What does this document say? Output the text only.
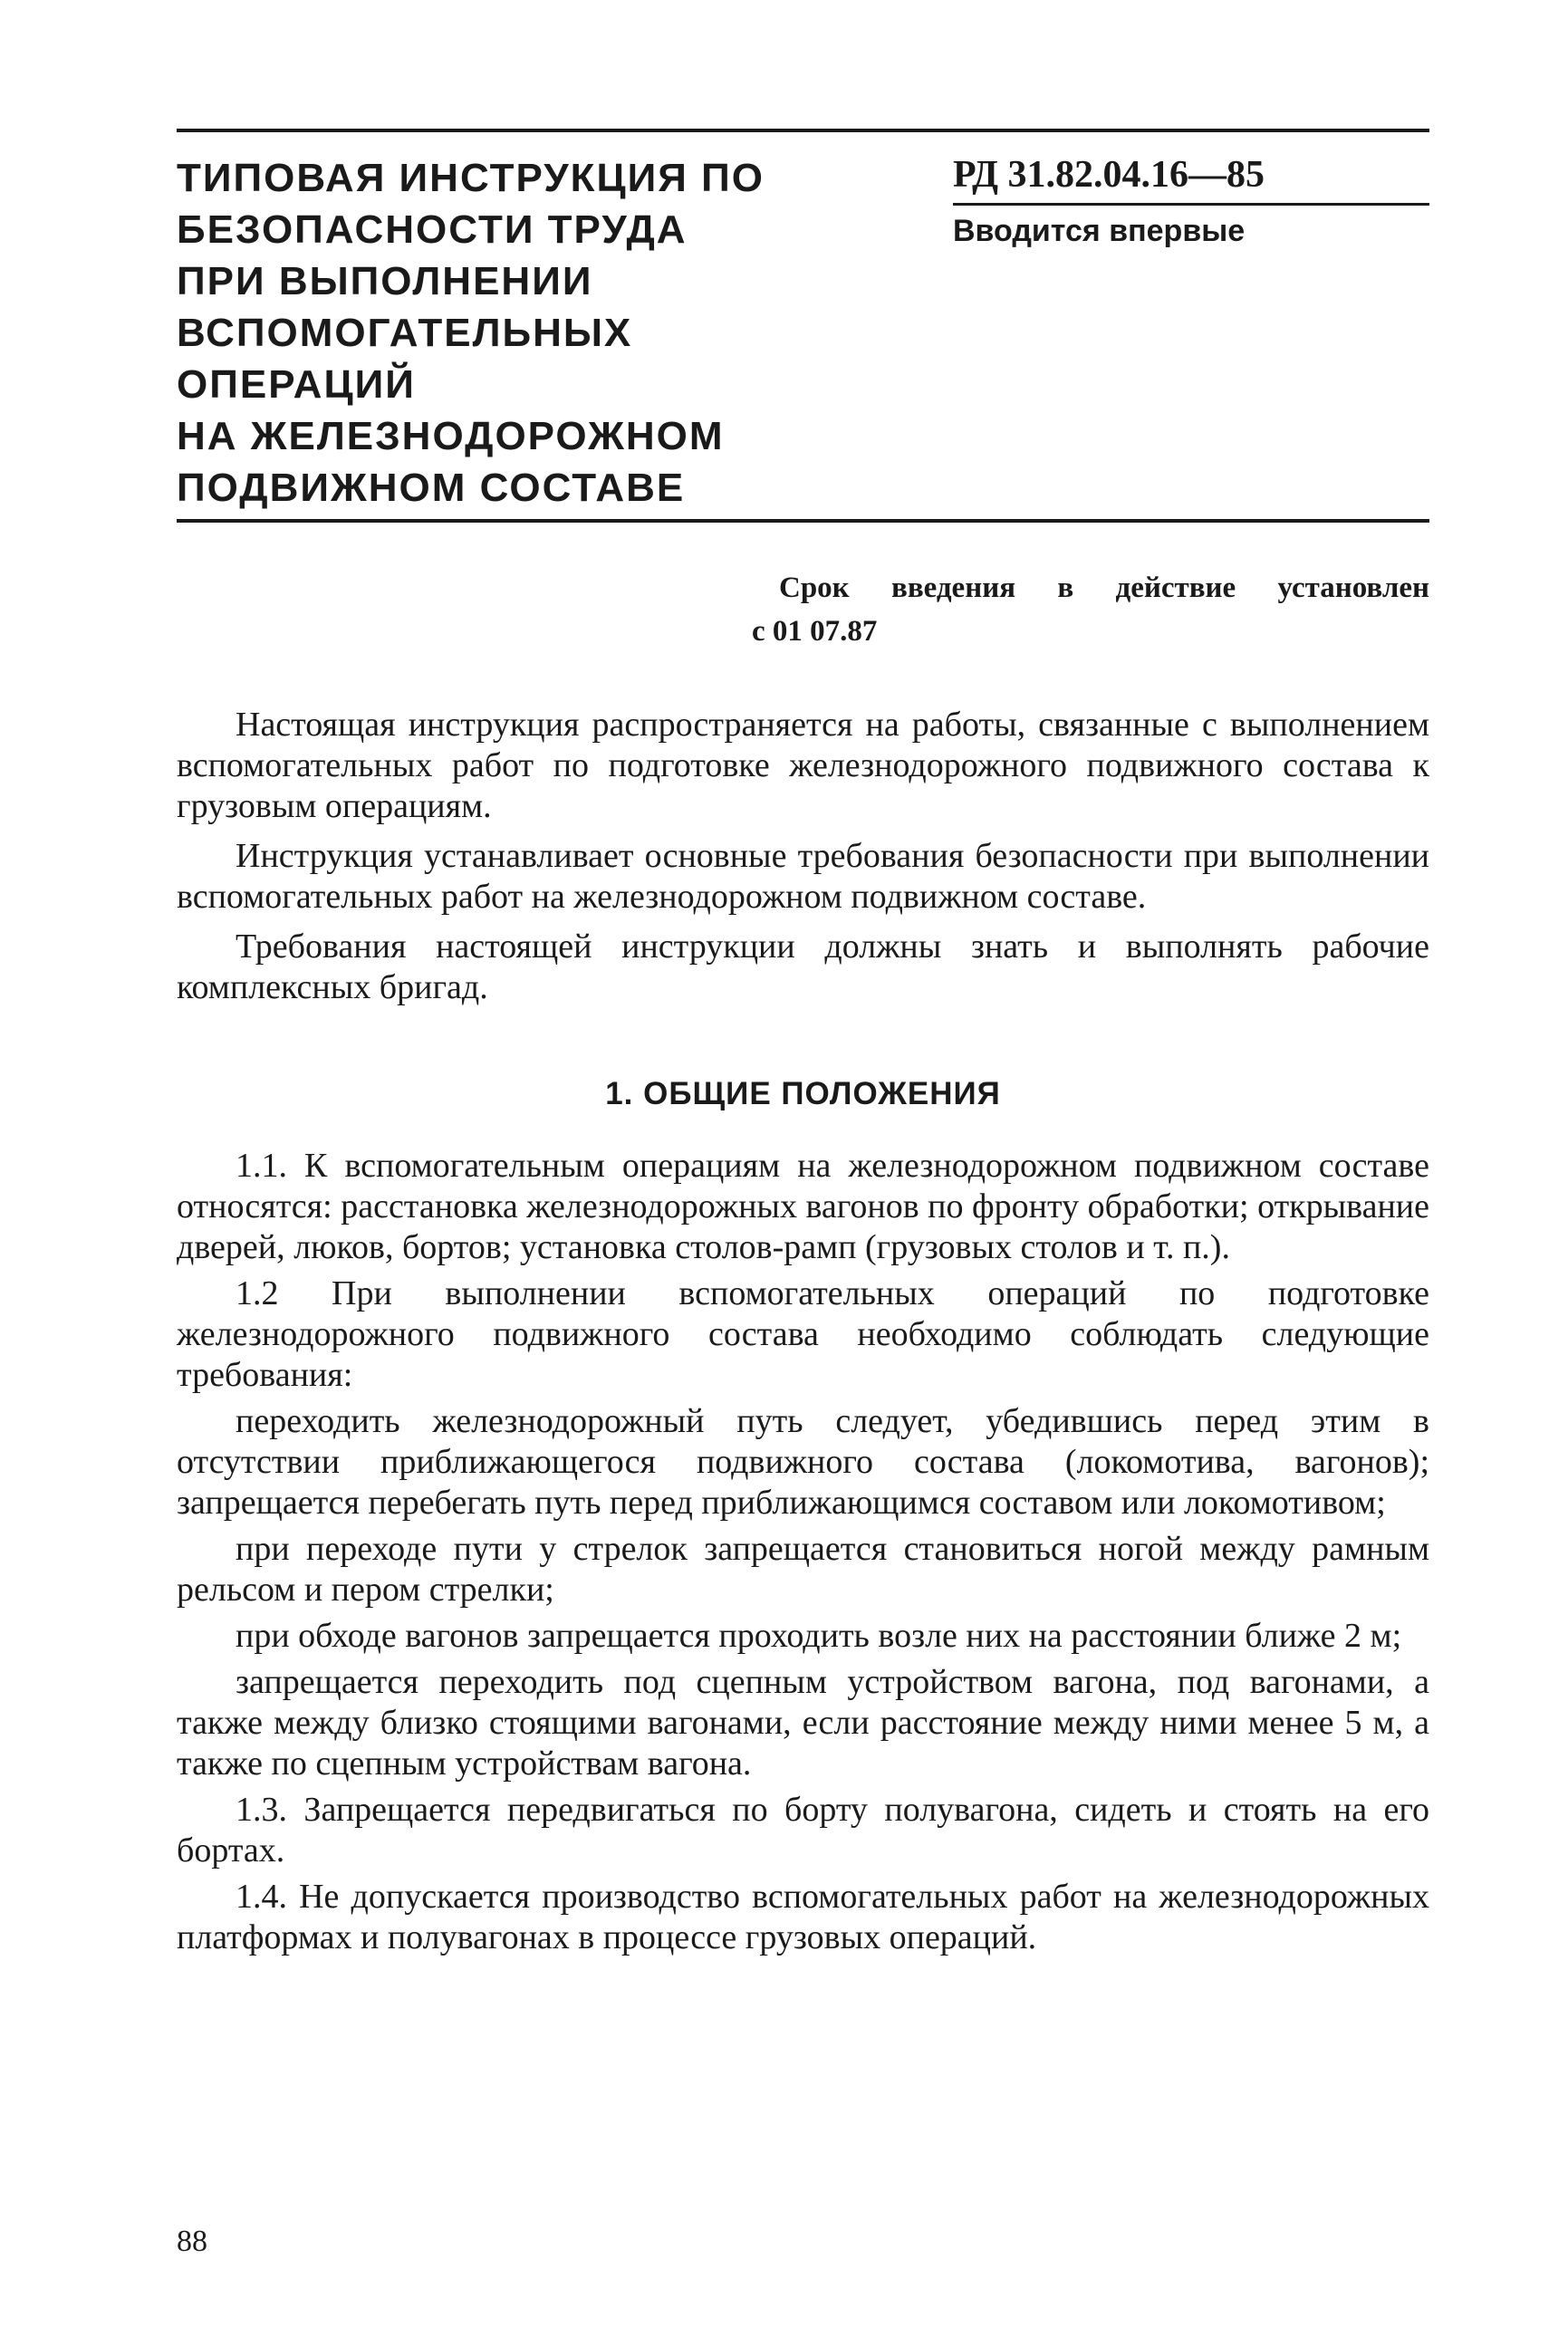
ТИПОВАЯ ИНСТРУКЦИЯ ПО
БЕЗОПАСНОСТИ ТРУДА
ПРИ ВЫПОЛНЕНИИ
ВСПОМОГАТЕЛЬНЫХ
ОПЕРАЦИЙ
НА ЖЕЛЕЗНОДОРОЖНОМ
ПОДВИЖНОМ СОСТАВЕ

РД 31.82.04.16—85

Вводится впервые

Срок введения в действие установлен
с 01 07.87

Настоящая инструкция распространяется на работы, связанные с выполнением вспомогательных работ по подготовке железнодорожного подвижного состава к грузовым операциям.

Инструкция устанавливает основные требования безопасности при выполнении вспомогательных работ на железнодорожном подвижном составе.

Требования настоящей инструкции должны знать и выполнять рабочие комплексных бригад.

1. ОБЩИЕ ПОЛОЖЕНИЯ

1.1. К вспомогательным операциям на железнодорожном подвижном составе относятся: расстановка железнодорожных вагонов по фронту обработки; открывание дверей, люков, бортов; установка столов-рамп (грузовых столов и т. п.).

1.2 При выполнении вспомогательных операций по подготовке железнодорожного подвижного состава необходимо соблюдать следующие требования:

переходить железнодорожный путь следует, убедившись перед этим в отсутствии приближающегося подвижного состава (локомотива, вагонов); запрещается перебегать путь перед приближающимся составом или локомотивом;

при переходе пути у стрелок запрещается становиться ногой между рамным рельсом и пером стрелки;

при обходе вагонов запрещается проходить возле них на расстоянии ближе 2 м;

запрещается переходить под сцепным устройством вагона, под вагонами, а также между близко стоящими вагонами, если расстояние между ними менее 5 м, а также по сцепным устройствам вагона.

1.3. Запрещается передвигаться по борту полувагона, сидеть и стоять на его бортах.

1.4. Не допускается производство вспомогательных работ на железнодорожных платформах и полувагонах в процессе грузовых операций.

88
